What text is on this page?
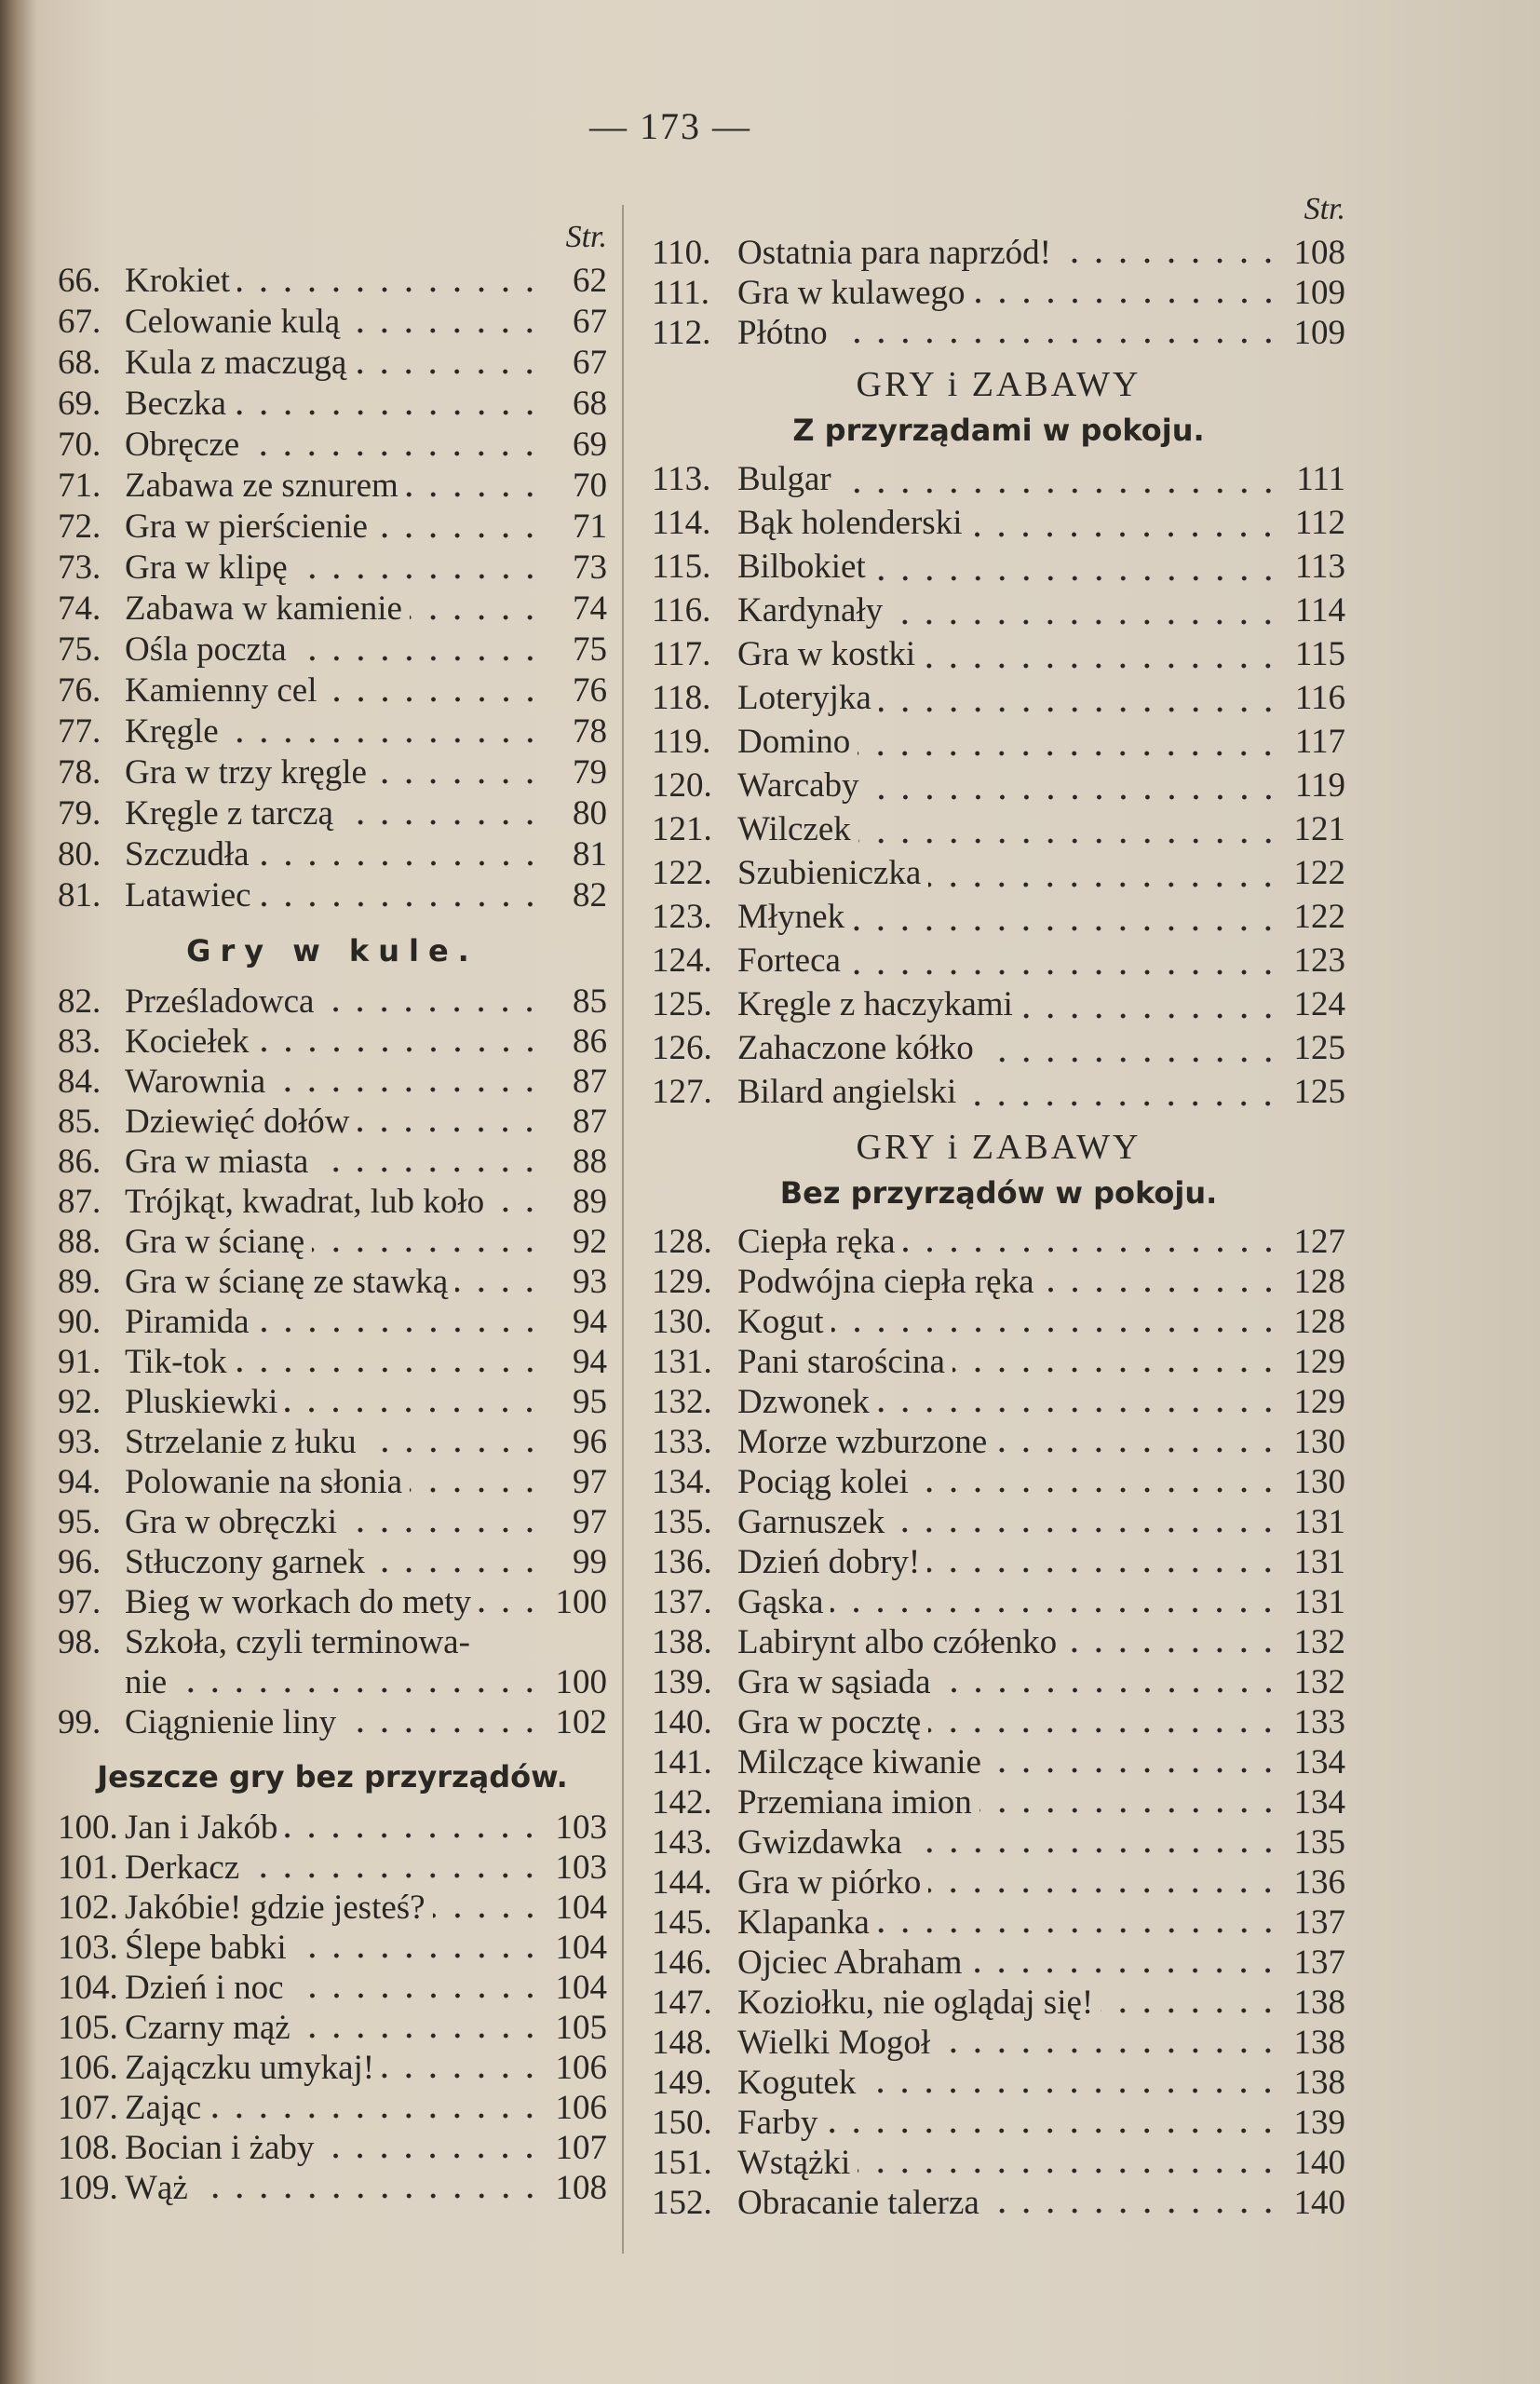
— 173 —
Str.
66. Krokiet	62
67. Celowanie kulą	67
68. Kula z maczugą	67
69. Beczka	68
70. Obręcze	69
71. Zabawa ze sznurem	70
72. Gra w pierścienie	71
73. Gra w klipę	73
74. Zabawa w kamienie	74
75. Ośla poczta	75
76. Kamienny cel	76
77. Kręgle	78
78. Gra w trzy kręgle	79
79. Kręgle z tarczą	80
80. Szczudła	81
81. Latawiec	82
Gry w kule.
82. Prześladowca	85
83. Kociełek	86
84. Warownia	87
85. Dziewięć dołów	87
86. Gra w miasta	88
87. Trójkąt, kwadrat, lub koło	89
88. Gra w ścianę	92
89. Gra w ścianę ze stawką	93
90. Piramida	94
91. Tik-tok	94
92. Pluskiewki	95
93. Strzelanie z łuku	96
94. Polowanie na słonia	97
95. Gra w obręczki	97
96. Stłuczony garnek	99
97. Bieg w workach do mety 100
98. Szkoła, czyli terminowa-
nie	100
99. Ciągnienie liny	102
Jeszcze gry bez przyrządów.
100. Jan i Jakób	103
101. Derkacz	103
102. Jakóbie! gdzie jesteś?	104
103. Ślepe babki	104
104. Dzień i noc	104
105. Czarny mąż	105
106. Zajączku umykaj!	106
107. Zając	106
108. Bocian i żaby	107
109. Wąż	108
Str.
110. Ostatnia para naprzód!	108
111. Gra w kulawego	109
112. Płótno	109
GRY i ZABAWY
Z przyrządami w pokoju.
113. Bulgar	111
114. Bąk holenderski	112
115. Bilbokiet	113
116. Kardynały	114
117. Gra w kostki	115
118. Loteryjka	116
119. Domino	117
120. Warcaby	119
121. Wilczek	121
122. Szubieniczka	122
123. Młynek	122
124. Forteca	123
125. Kręgle z haczykami	124
126. Zahaczone kółko	125
127. Bilard angielski	125
GRY i ZABAWY
Bez przyrządów w pokoju.
128. Ciepła ręka	127
129. Podwójna ciepła ręka	128
130. Kogut	128
131. Pani starościna	129
132. Dzwonek	129
133. Morze wzburzone	130
134. Pociąg kolei	130
135. Garnuszek	131
136. Dzień dobry!	131
137. Gąska	131
138. Labirynt albo czółenko	132
139. Gra w sąsiada	132
140. Gra w pocztę	133
141. Milczące kiwanie	134
142. Przemiana imion	134
143. Gwizdawka	135
144. Gra w piórko	136
145. Klapanka	137
146. Ojciec Abraham	137
147. Koziołku, nie oglądaj się!	138
148. Wielki Mogoł	138
149. Kogutek	138
150. Farby	139
151. Wstążki	140
152. Obracanie talerza	140
